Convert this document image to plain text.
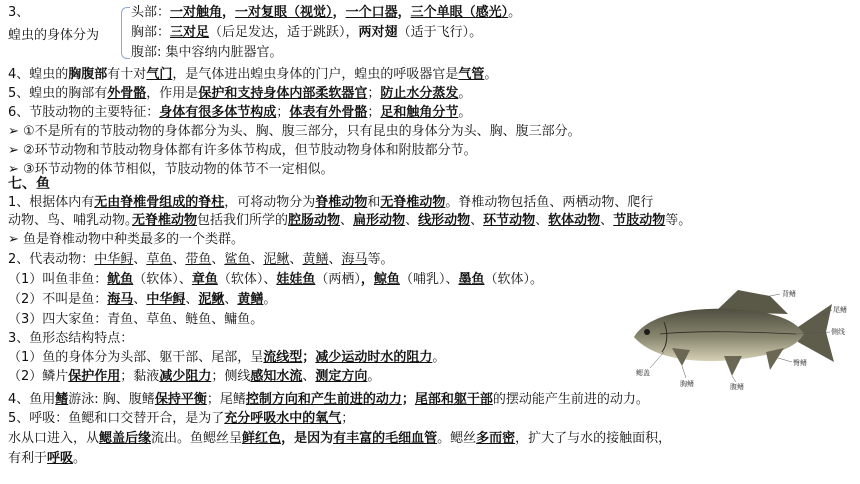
3、
蝗虫的身体分为
头部：一对触角，一对复眼（视觉），一个口器，三个单眼（感光）。
胸部：三对足（后足发达，适于跳跃），两对翅（适于飞行）。
腹部: 集中容纳内脏器官。
4、蝗虫的胸腹部有十对气门，是气体进出蝗虫身体的门户，蝗虫的呼吸器官是气管。
5、蝗虫的胸部有外骨骼，作用是保护和支持身体内部柔软器官；防止水分蒸发。
6、节肢动物的主要特征：身体有很多体节构成；体表有外骨骼；足和触角分节。
➢ ①不是所有的节肢动物的身体都分为头、胸、腹三部分，只有昆虫的身体分为头、胸、腹三部分。
➢ ②环节动物和节肢动物身体都有许多体节构成，但节肢动物身体和附肢都分节。
➢ ③环节动物的体节相似，节肢动物的体节不一定相似。
七、鱼
1、根据体内有无由脊椎骨组成的脊柱，可将动物分为脊椎动物和无脊椎动物。脊椎动物包括鱼、两栖动物、爬行
动物、鸟、哺乳动物。
无脊椎动物包括我们所学的腔肠动物、扁形动物、线形动物、环节动物、软体动物、节肢动物等。
➢ 鱼是脊椎动物中种类最多的一个类群。
2、代表动物：中华鲟、草鱼、带鱼、鲨鱼、泥鳅、黄鳝、海马等。
（1）叫鱼非鱼：鱿鱼（软体）、章鱼（软体）、娃娃鱼（两栖），鲸鱼（哺乳）、墨鱼（软体）。
（2）不叫是鱼：海马、中华鲟、泥鳅、黄鳝。
（3）四大家鱼：青鱼、草鱼、鲢鱼、鳙鱼。
3、鱼形态结构特点：
（1）鱼的身体分为头部、躯干部、尾部，呈流线型；减少运动时水的阻力。
（2）鳞片保护作用；黏液减少阻力；侧线感知水流、测定方向。
4、鱼用鳍游泳: 胸、腹鳍保持平衡；尾鳍控制方向和产生前进的动力；尾部和躯干部的摆动能产生前进的动力。
5、呼吸：鱼鳃和口交替开合，是为了充分呼吸水中的氧气；
水从口进入，从鳃盖后缘流出。鱼鳃丝呈鲜红色，是因为有丰富的毛细血管。鳃丝多而密，扩大了与水的接触面积，
有利于呼吸。
背鳍
尾鳍
侧线
鳃盖
胸鳍	腹鳍
臀鳍
